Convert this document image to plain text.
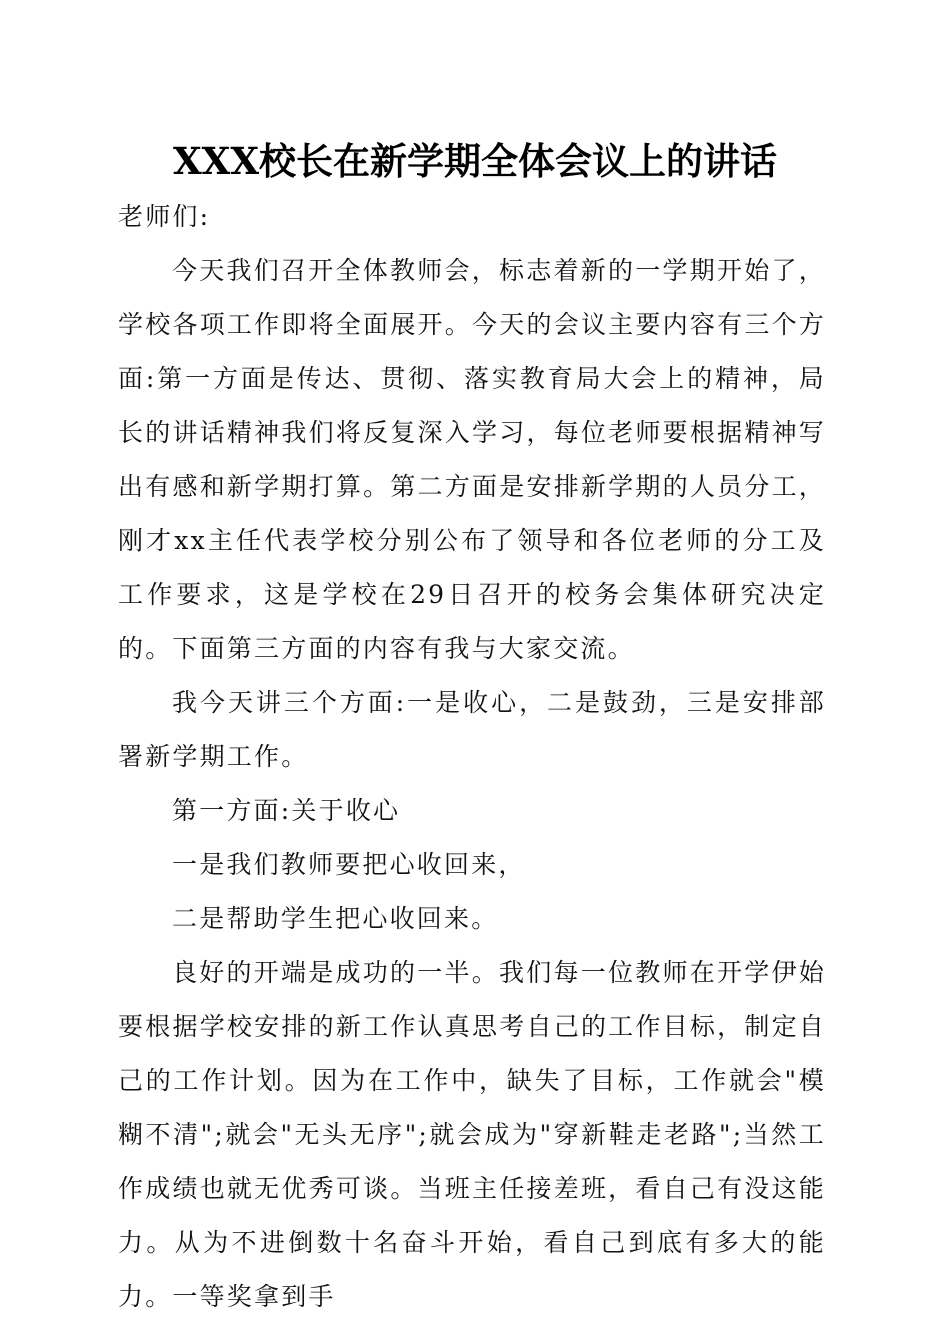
XXX校长在新学期全体会议上的讲话

老师们:

今天我们召开全体教师会，标志着新的一学期开始了，学校各项工作即将全面展开。今天的会议主要内容有三个方面:第一方面是传达、贯彻、落实教育局大会上的精神，局长的讲话精神我们将反复深入学习，每位老师要根据精神写出有感和新学期打算。第二方面是安排新学期的人员分工，刚才xx主任代表学校分别公布了领导和各位老师的分工及工作要求，这是学校在29日召开的校务会集体研究决定的。下面第三方面的内容有我与大家交流。

我今天讲三个方面:一是收心，二是鼓劲，三是安排部署新学期工作。

第一方面:关于收心

一是我们教师要把心收回来，

二是帮助学生把心收回来。

良好的开端是成功的一半。我们每一位教师在开学伊始要根据学校安排的新工作认真思考自己的工作目标，制定自己的工作计划。因为在工作中，缺失了目标，工作就会"模糊不清";就会"无头无序";就会成为"穿新鞋走老路";当然工作成绩也就无优秀可谈。当班主任接差班，看自己有没这能力。从为不进倒数十名奋斗开始，看自己到底有多大的能力。一等奖拿到手
